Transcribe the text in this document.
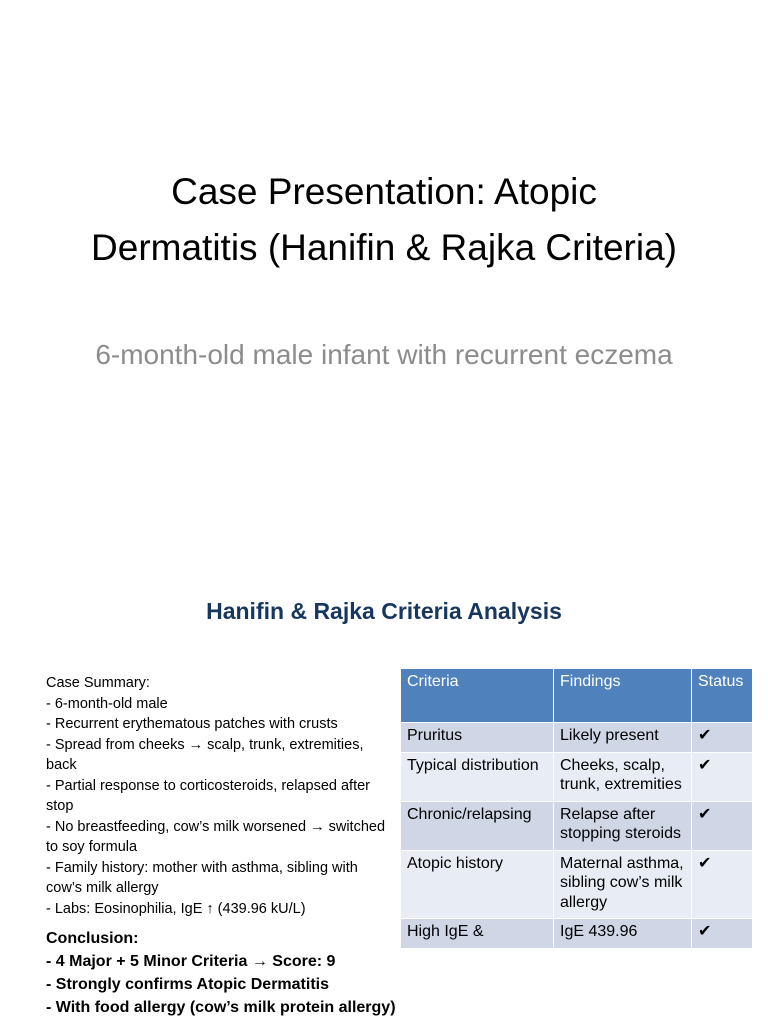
Case Presentation: Atopic Dermatitis (Hanifin & Rajka Criteria)
6-month-old male infant with recurrent eczema
Hanifin & Rajka Criteria Analysis
Case Summary:
- 6-month-old male
- Recurrent erythematous patches with crusts
- Spread from cheeks → scalp, trunk, extremities, back
- Partial response to corticosteroids, relapsed after stop
- No breastfeeding, cow’s milk worsened → switched to soy formula
- Family history: mother with asthma, sibling with cow’s milk allergy
- Labs: Eosinophilia, IgE ↑ (439.96 kU/L)
Conclusion:
- 4 Major + 5 Minor Criteria → Score: 9
- Strongly confirms Atopic Dermatitis
- With food allergy (cow’s milk protein allergy)
Criteria	Findings	Status
Pruritus	Likely present	✔
Typical distribution	Cheeks, scalp, trunk, extremities	✔
Chronic/relapsing	Relapse after stopping steroids	✔
Atopic history	Maternal asthma, sibling cow’s milk allergy	✔
High IgE &	IgE 439.96	✔
